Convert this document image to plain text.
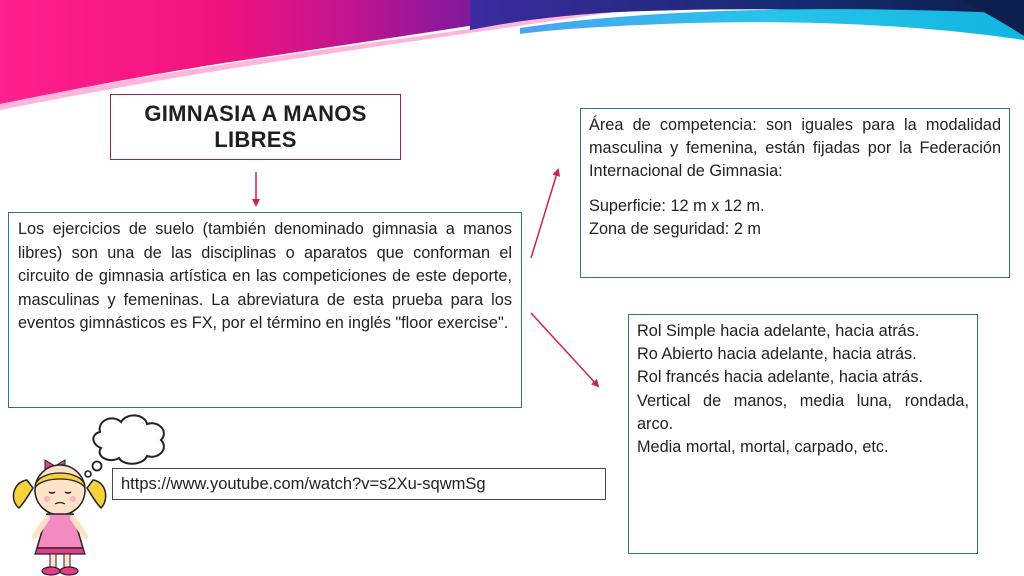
GIMNASIA A MANOS LIBRES
Los ejercicios de suelo (también denominado gimnasia a manos libres) son una de las disciplinas o aparatos que conforman el circuito de gimnasia artística en las competiciones de este deporte, masculinas y femeninas. La abreviatura de esta prueba para los eventos gimnásticos es FX, por el término en inglés "floor exercise".

Área de competencia: son iguales para la modalidad masculina y femenina, están fijadas por la Federación Internacional de Gimnasia:

Superficie: 12 m x 12 m.

Zona de seguridad: 2 m

Rol Simple hacia adelante, hacia atrás.

Ro Abierto hacia adelante, hacia atrás.

Rol francés hacia adelante, hacia atrás.

Vertical de manos, media luna, rondada, arco.

Media mortal, mortal, carpado, etc.

https://www.youtube.com/watch?v=s2Xu-sqwmSg
